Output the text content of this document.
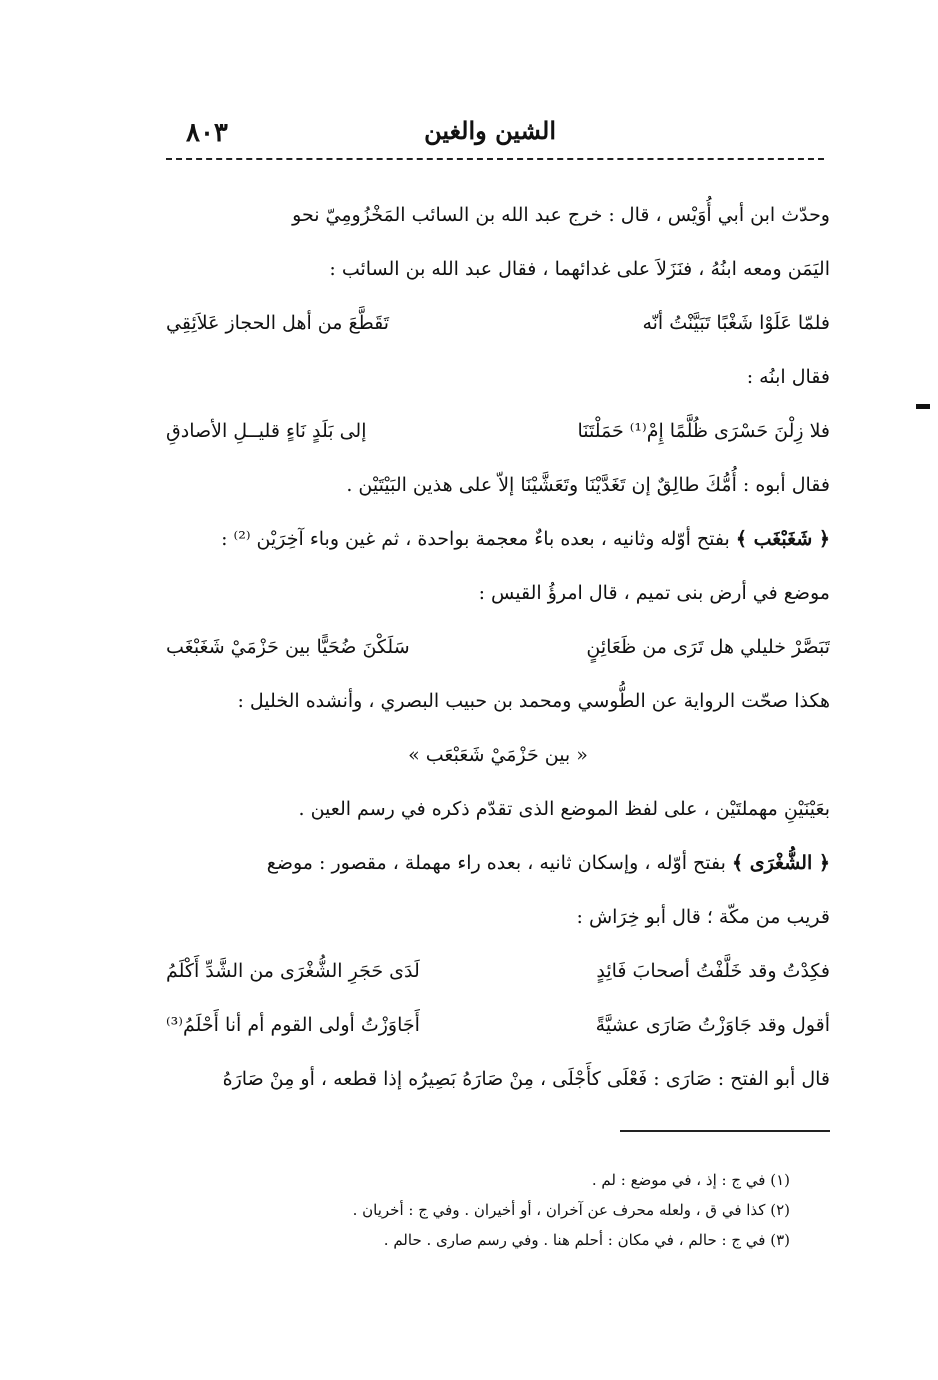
٨٠٣	الشين والغين
وحدّث ابن أبي أُوَيْس ، قال : خرج عبد الله بن السائب المَخْزُومِيّ نحو
اليَمَن ومعه ابنُهُ ، فنَزَلاَ على غدائهما ، فقال عبد الله بن السائب :
فلمّا عَلَوْا شَغْبًا تَبَيَّنْتُ أنّه
تَقَطَّعَ من أهل الحجاز عَلاَئِقِي
فقال ابنُه :
فلا زِلْنَ حَسْرَى ظُلَّمًا إِمْ⁽¹⁾ حَمَلْتَنَا
إلى بَلَدٍ نَاءٍ قليــلِ الأصادقِ
فقال أبوه : أُمُّكَ طالِقٌ إن تَغَدَّيْنَا وتَعَشَّيْنَا إلاّ على هذين البَيْتَيْن .
﴿ شَغَبْغَب ﴾ بفتح أوّله وثانيه ، بعده باءٌ معجمة بواحدة ، ثم غين وباء آخِرَيْن ⁽²⁾ :
موضع في أرض بنى تميم ، قال امرؤُ القيس :
تَبَصَّرْ خليلي هل تَرَى من ظَعَائِنٍ
سَلَكْنَ ضُحَيًّا بين حَزْمَيْ شَغَبْغَب
هكذا صحّت الرواية عن الطُّوسي ومحمد بن حبيب البصري ، وأنشده الخليل :
« بين حَزْمَيْ شَعَبْعَب »
بعَيْنَيْنِ مهملتَيْن ، على لفظ الموضع الذى تقدّم ذكره في رسم العين .
﴿ الشُّغْرَى ﴾ بفتح أوّله ، وإسكان ثانيه ، بعده راء مهملة ، مقصور : موضع
قريب من مكّة ؛ قال أبو خِرَاش :
فكِدْتُ وقد خَلَّفْتُ أصحابَ فَائِدٍ
لَدَى حَجَرِ الشُّغْرَى من الشَّدِّ أَكْلَمُ
أقول وقد جَاوَزْتُ صَارَى عشيَّةً
أَجَاوَزْتُ أولى القوم أم أنا أَحْلَمُ⁽³⁾
قال أبو الفتح : صَارَى : فَعْلَى كأَجْلَى ، مِنْ صَارَهُ بَصِيرُه إذا قطعه ، أو مِنْ صَارَهُ
(١) في ج : إذ ، في موضع : لم .
(٢) كذا في ق ، ولعله محرف عن آخران ، أو أخيران . وفي ج : أخريان .
(٣) في ج : حالم ، في مكان : أحلم هنا . وفي رسم صارى . حالم .
